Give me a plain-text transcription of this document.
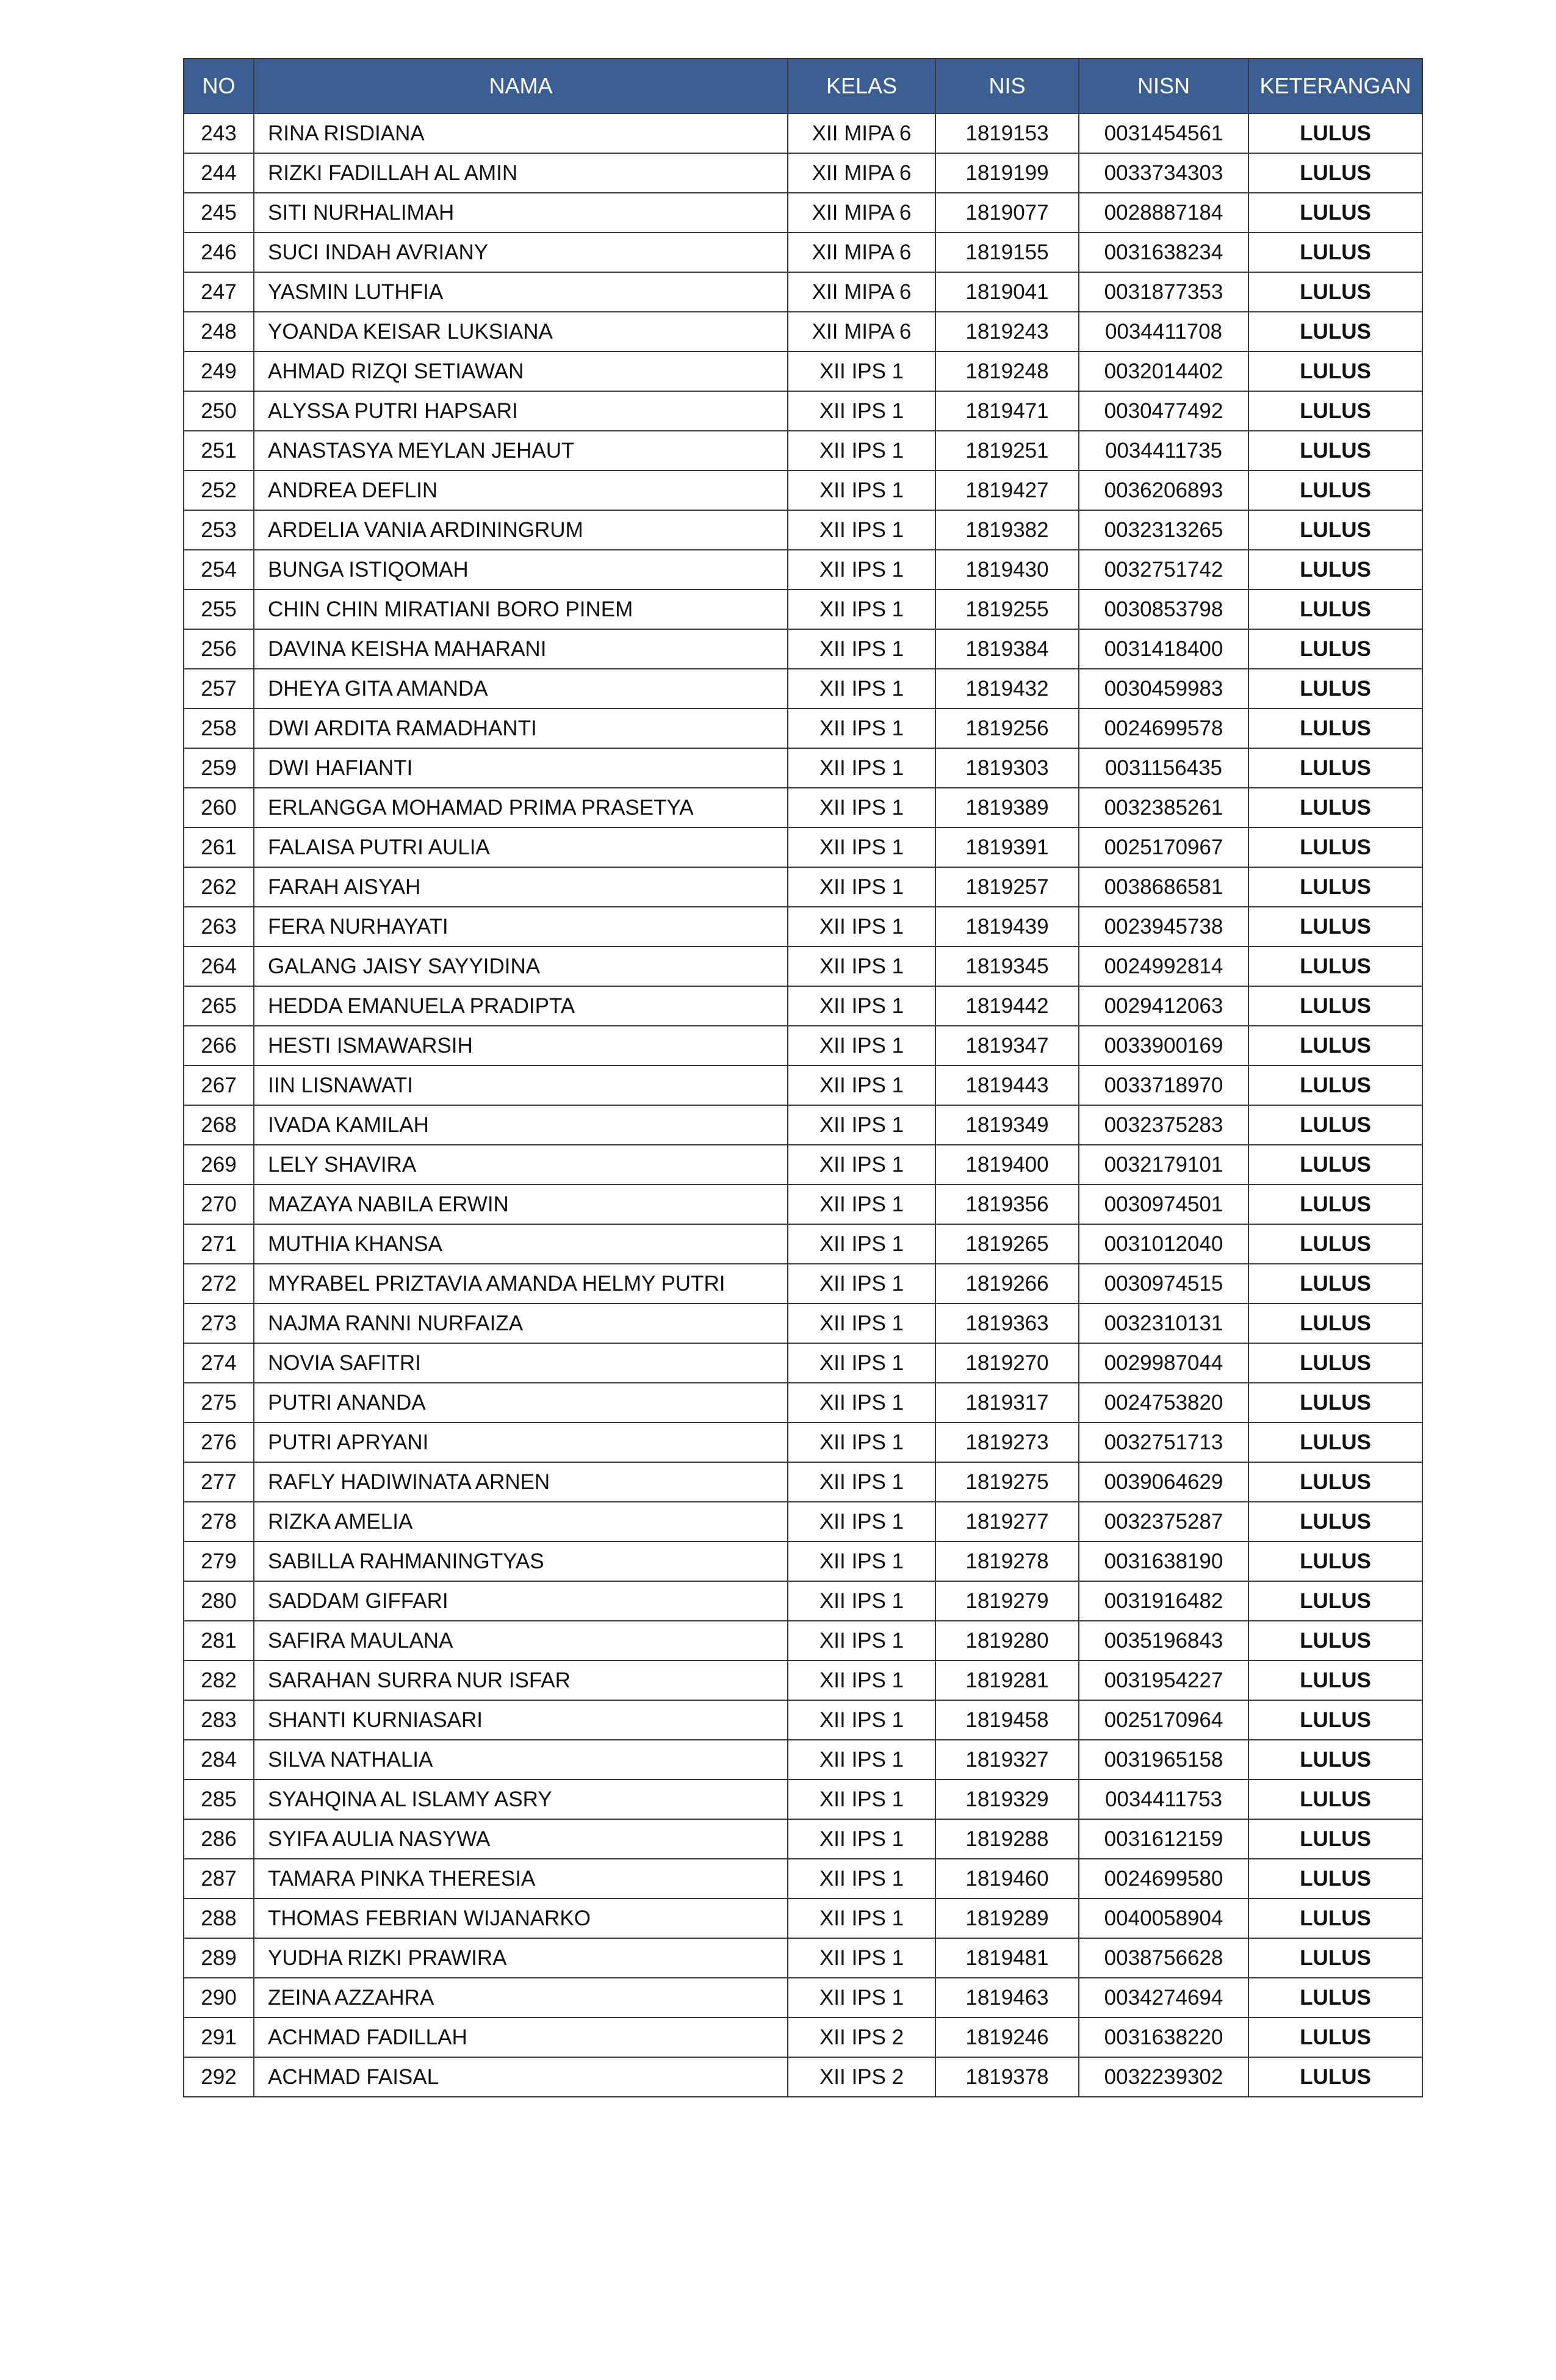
NO	NAMA	KELAS	NIS	NISN	KETERANGAN
243	RINA RISDIANA	XII MIPA 6	1819153	0031454561	LULUS
244	RIZKI FADILLAH AL AMIN	XII MIPA 6	1819199	0033734303	LULUS
245	SITI NURHALIMAH	XII MIPA 6	1819077	0028887184	LULUS
246	SUCI INDAH AVRIANY	XII MIPA 6	1819155	0031638234	LULUS
247	YASMIN LUTHFIA	XII MIPA 6	1819041	0031877353	LULUS
248	YOANDA KEISAR LUKSIANA	XII MIPA 6	1819243	0034411708	LULUS
249	AHMAD RIZQI SETIAWAN	XII IPS 1	1819248	0032014402	LULUS
250	ALYSSA PUTRI HAPSARI	XII IPS 1	1819471	0030477492	LULUS
251	ANASTASYA MEYLAN JEHAUT	XII IPS 1	1819251	0034411735	LULUS
252	ANDREA DEFLIN	XII IPS 1	1819427	0036206893	LULUS
253	ARDELIA VANIA ARDININGRUM	XII IPS 1	1819382	0032313265	LULUS
254	BUNGA ISTIQOMAH	XII IPS 1	1819430	0032751742	LULUS
255	CHIN CHIN MIRATIANI BORO PINEM	XII IPS 1	1819255	0030853798	LULUS
256	DAVINA KEISHA MAHARANI	XII IPS 1	1819384	0031418400	LULUS
257	DHEYA GITA AMANDA	XII IPS 1	1819432	0030459983	LULUS
258	DWI ARDITA RAMADHANTI	XII IPS 1	1819256	0024699578	LULUS
259	DWI HAFIANTI	XII IPS 1	1819303	0031156435	LULUS
260	ERLANGGA MOHAMAD PRIMA PRASETYA	XII IPS 1	1819389	0032385261	LULUS
261	FALAISA PUTRI AULIA	XII IPS 1	1819391	0025170967	LULUS
262	FARAH AISYAH	XII IPS 1	1819257	0038686581	LULUS
263	FERA NURHAYATI	XII IPS 1	1819439	0023945738	LULUS
264	GALANG JAISY SAYYIDINA	XII IPS 1	1819345	0024992814	LULUS
265	HEDDA EMANUELA PRADIPTA	XII IPS 1	1819442	0029412063	LULUS
266	HESTI ISMAWARSIH	XII IPS 1	1819347	0033900169	LULUS
267	IIN LISNAWATI	XII IPS 1	1819443	0033718970	LULUS
268	IVADA KAMILAH	XII IPS 1	1819349	0032375283	LULUS
269	LELY SHAVIRA	XII IPS 1	1819400	0032179101	LULUS
270	MAZAYA NABILA ERWIN	XII IPS 1	1819356	0030974501	LULUS
271	MUTHIA KHANSA	XII IPS 1	1819265	0031012040	LULUS
272	MYRABEL PRIZTAVIA AMANDA HELMY PUTRI	XII IPS 1	1819266	0030974515	LULUS
273	NAJMA RANNI NURFAIZA	XII IPS 1	1819363	0032310131	LULUS
274	NOVIA SAFITRI	XII IPS 1	1819270	0029987044	LULUS
275	PUTRI ANANDA	XII IPS 1	1819317	0024753820	LULUS
276	PUTRI APRYANI	XII IPS 1	1819273	0032751713	LULUS
277	RAFLY HADIWINATA ARNEN	XII IPS 1	1819275	0039064629	LULUS
278	RIZKA AMELIA	XII IPS 1	1819277	0032375287	LULUS
279	SABILLA RAHMANINGTYAS	XII IPS 1	1819278	0031638190	LULUS
280	SADDAM GIFFARI	XII IPS 1	1819279	0031916482	LULUS
281	SAFIRA MAULANA	XII IPS 1	1819280	0035196843	LULUS
282	SARAHAN SURRA NUR ISFAR	XII IPS 1	1819281	0031954227	LULUS
283	SHANTI KURNIASARI	XII IPS 1	1819458	0025170964	LULUS
284	SILVA NATHALIA	XII IPS 1	1819327	0031965158	LULUS
285	SYAHQINA AL ISLAMY ASRY	XII IPS 1	1819329	0034411753	LULUS
286	SYIFA AULIA NASYWA	XII IPS 1	1819288	0031612159	LULUS
287	TAMARA PINKA THERESIA	XII IPS 1	1819460	0024699580	LULUS
288	THOMAS FEBRIAN WIJANARKO	XII IPS 1	1819289	0040058904	LULUS
289	YUDHA RIZKI PRAWIRA	XII IPS 1	1819481	0038756628	LULUS
290	ZEINA AZZAHRA	XII IPS 1	1819463	0034274694	LULUS
291	ACHMAD FADILLAH	XII IPS 2	1819246	0031638220	LULUS
292	ACHMAD FAISAL	XII IPS 2	1819378	0032239302	LULUS
